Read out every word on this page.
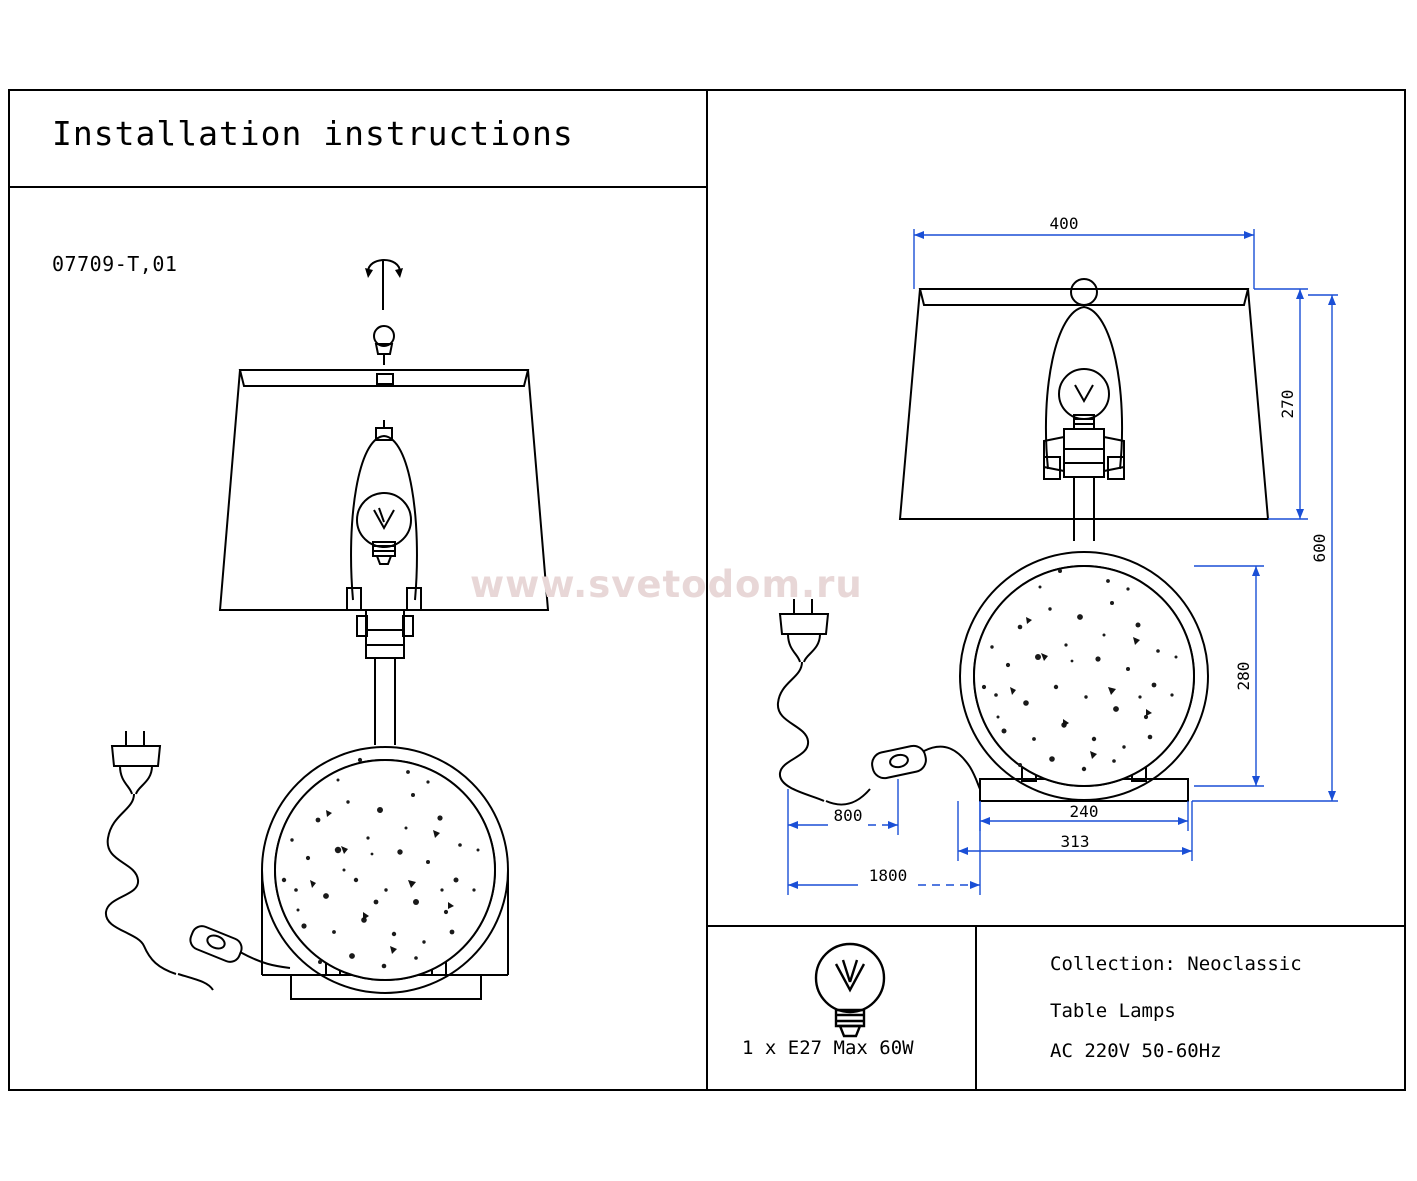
Installation instructions
07709-T,01
400
270
600
280
240
313
800
1800
1 x E27 Max 60W
Collection: Neoclassic
Table Lamps
AC 220V 50-60Hz
www.svetodom.ru
